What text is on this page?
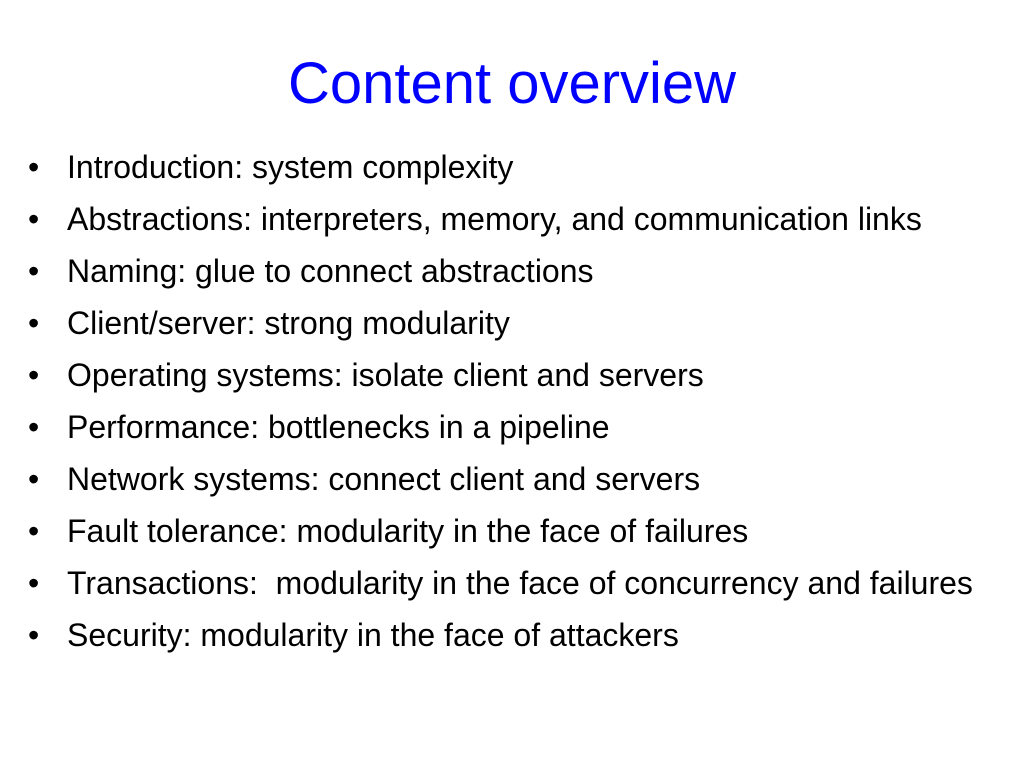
Content overview
• Introduction: system complexity
• Abstractions: interpreters, memory, and communication links
• Naming: glue to connect abstractions
• Client/server: strong modularity
• Operating systems: isolate client and servers
• Performance: bottlenecks in a pipeline
• Network systems: connect client and servers
• Fault tolerance: modularity in the face of failures
• Transactions:  modularity in the face of concurrency and failures
• Security: modularity in the face of attackers
